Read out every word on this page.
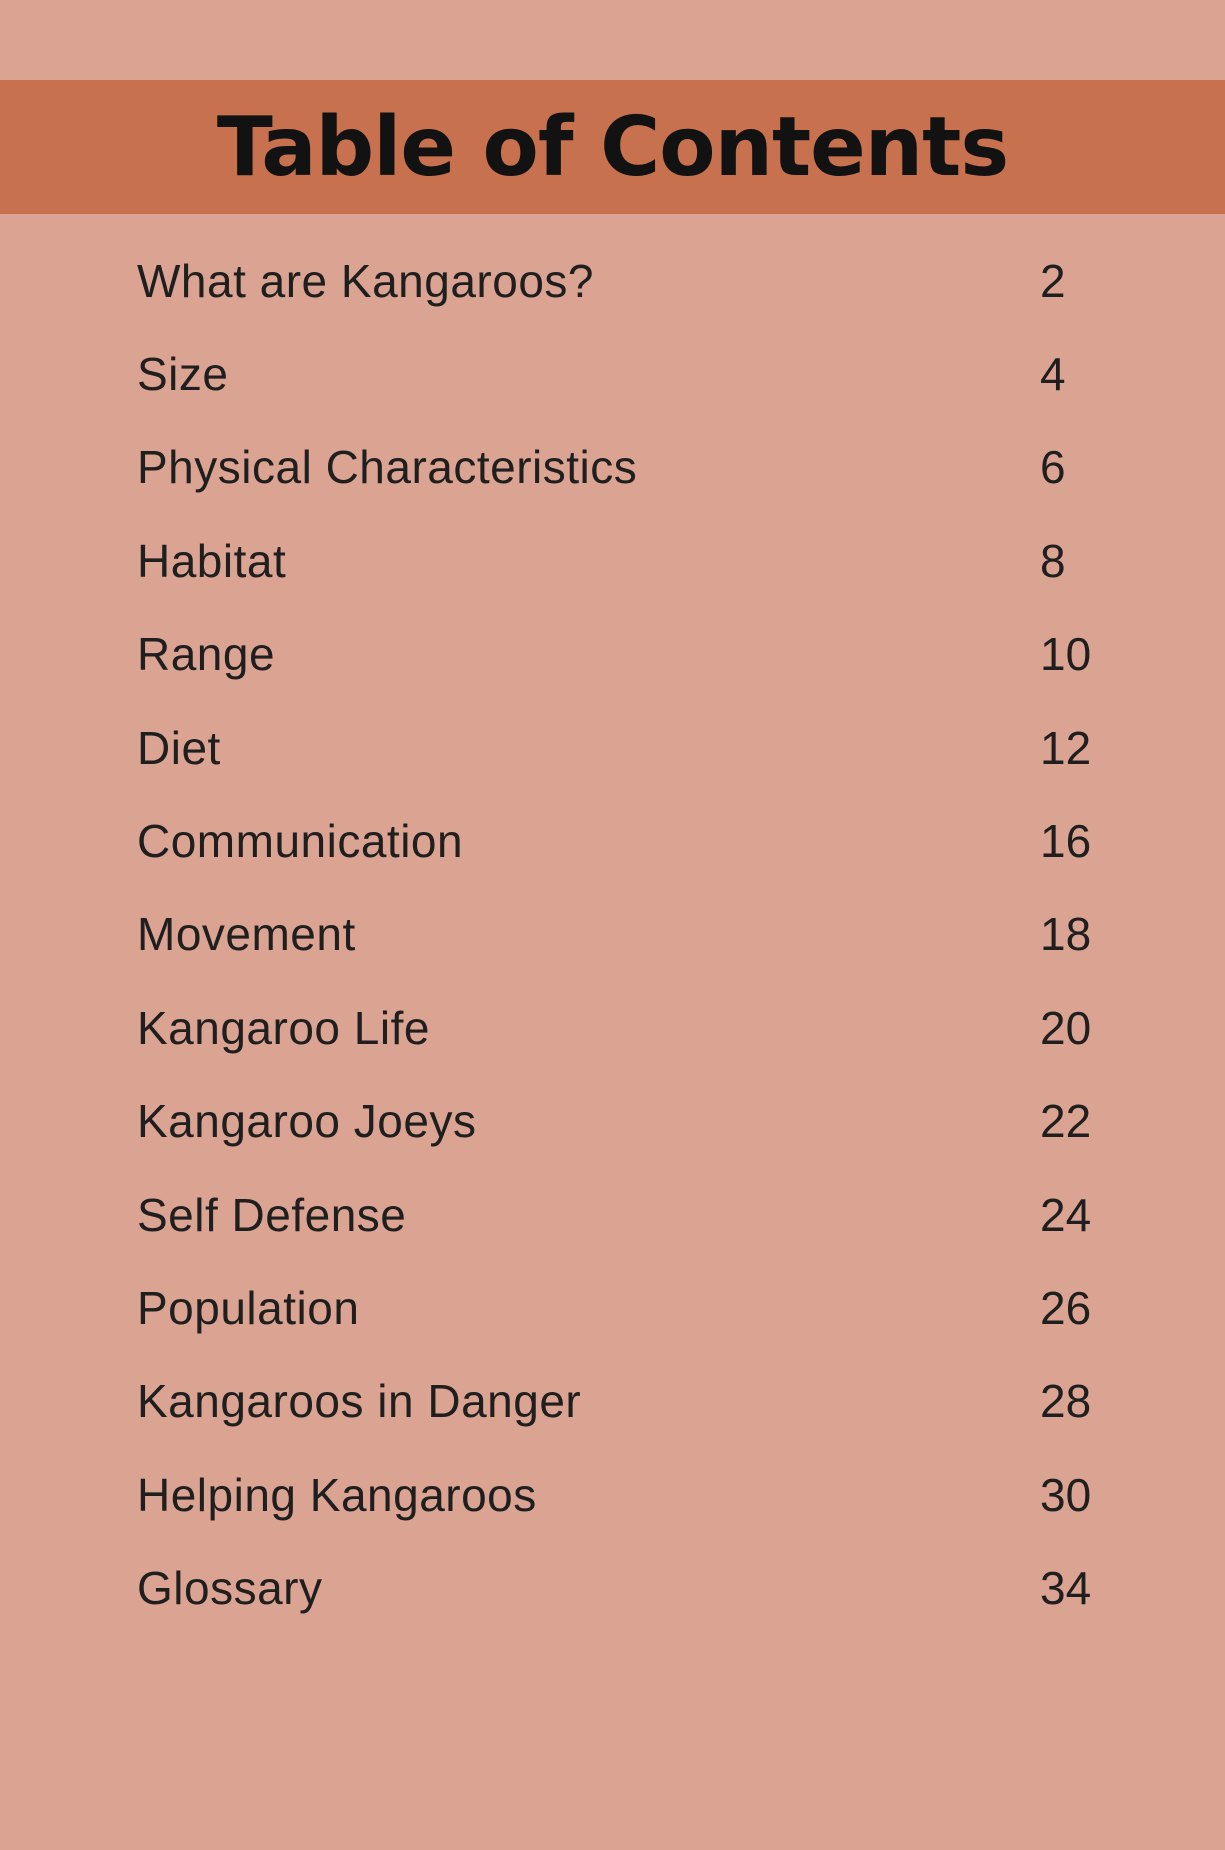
Table of Contents
What are Kangaroos?	2
Size	4
Physical Characteristics	6
Habitat	8
Range	10
Diet	12
Communication	16
Movement	18
Kangaroo Life	20
Kangaroo Joeys	22
Self Defense	24
Population	26
Kangaroos in Danger	28
Helping Kangaroos	30
Glossary	34
